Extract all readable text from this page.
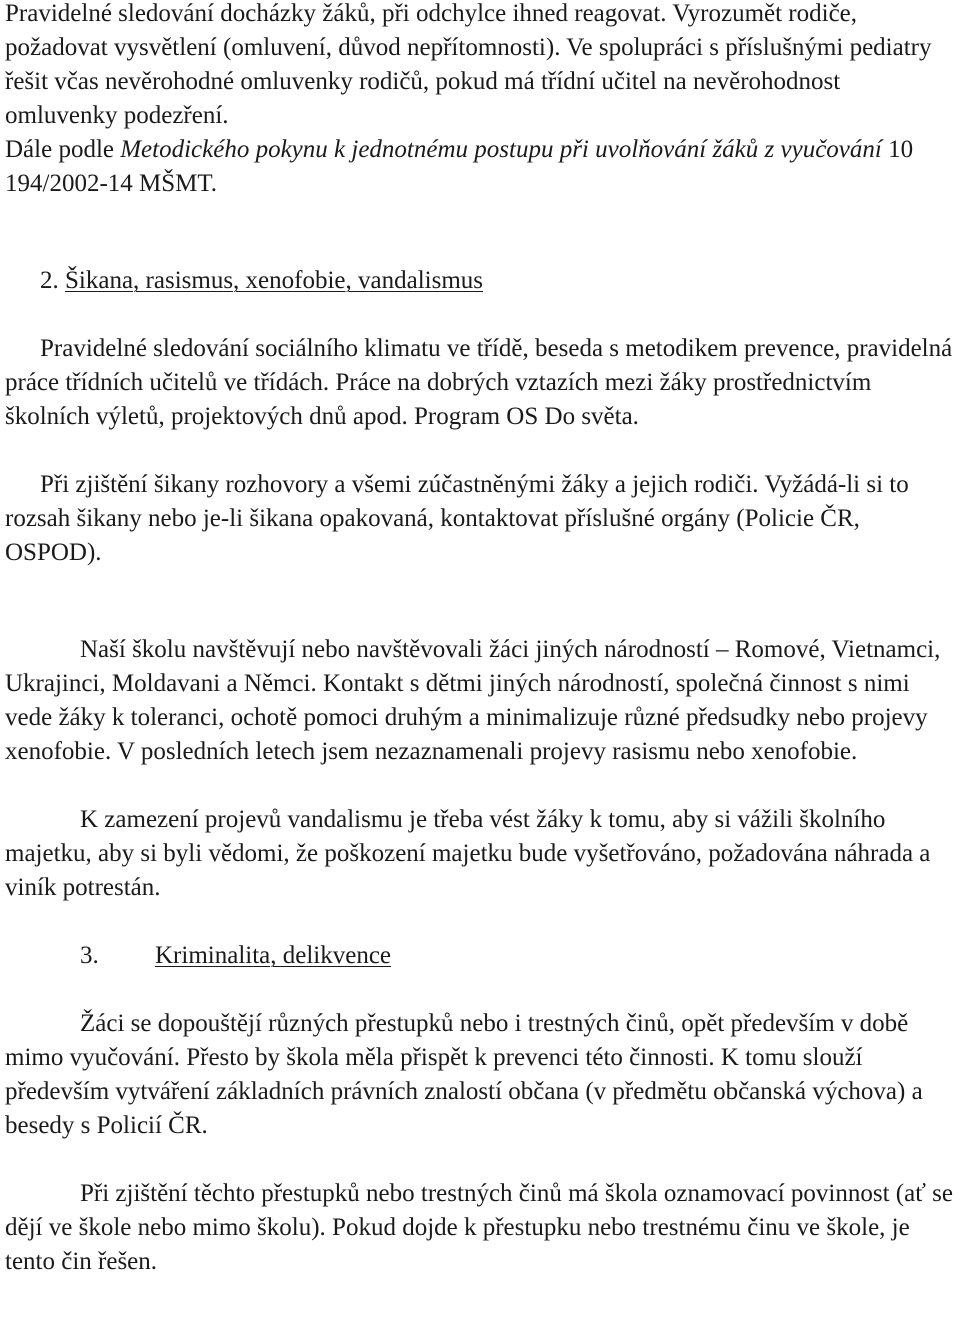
Pravidelné sledování docházky žáků, při odchylce ihned reagovat. Vyrozumět rodiče, požadovat vysvětlení (omluvení, důvod nepřítomnosti). Ve spolupráci s příslušnými pediatry řešit včas nevěrohodné omluvenky rodičů, pokud má třídní učitel na nevěrohodnost omluvenky podezření.

Dále podle Metodického pokynu k jednotnému postupu při uvolňování žáků z vyučování 10 194/2002-14 MŠMT.

2. Šikana, rasismus, xenofobie, vandalismus

Pravidelné sledování sociálního klimatu ve třídě, beseda s metodikem prevence, pravidelná práce třídních učitelů ve třídách. Práce na dobrých vztazích mezi žáky prostřednictvím školních výletů, projektových dnů apod. Program OS Do světa.

Při zjištění šikany rozhovory a všemi zúčastněnými žáky a jejich rodiči. Vyžádá-li si to rozsah šikany nebo je-li šikana opakovaná, kontaktovat příslušné orgány (Policie ČR, OSPOD).

Naší školu navštěvují nebo navštěvovali žáci jiných národností – Romové, Vietnamci, Ukrajinci, Moldavani a Němci. Kontakt s dětmi jiných národností, společná činnost s nimi vede žáky k toleranci, ochotě pomoci druhým a minimalizuje různé předsudky nebo projevy xenofobie. V posledních letech jsem nezaznamenali projevy rasismu nebo xenofobie.

K zamezení projevů vandalismu je třeba vést žáky k tomu, aby si vážili školního majetku, aby si byli vědomi, že poškození majetku bude vyšetřováno, požadována náhrada a viník potrestán.

3. Kriminalita, delikvence

Žáci se dopouštějí různých přestupků nebo i trestných činů, opět především v době mimo vyučování. Přesto by škola měla přispět k prevenci této činnosti. K tomu slouží především vytváření základních právních znalostí občana (v předmětu občanská výchova) a besedy s Policií ČR.

Při zjištění těchto přestupků nebo trestných činů má škola oznamovací povinnost (ať se dějí ve škole nebo mimo školu). Pokud dojde k přestupku nebo trestnému činu ve škole, je tento čin řešen.
